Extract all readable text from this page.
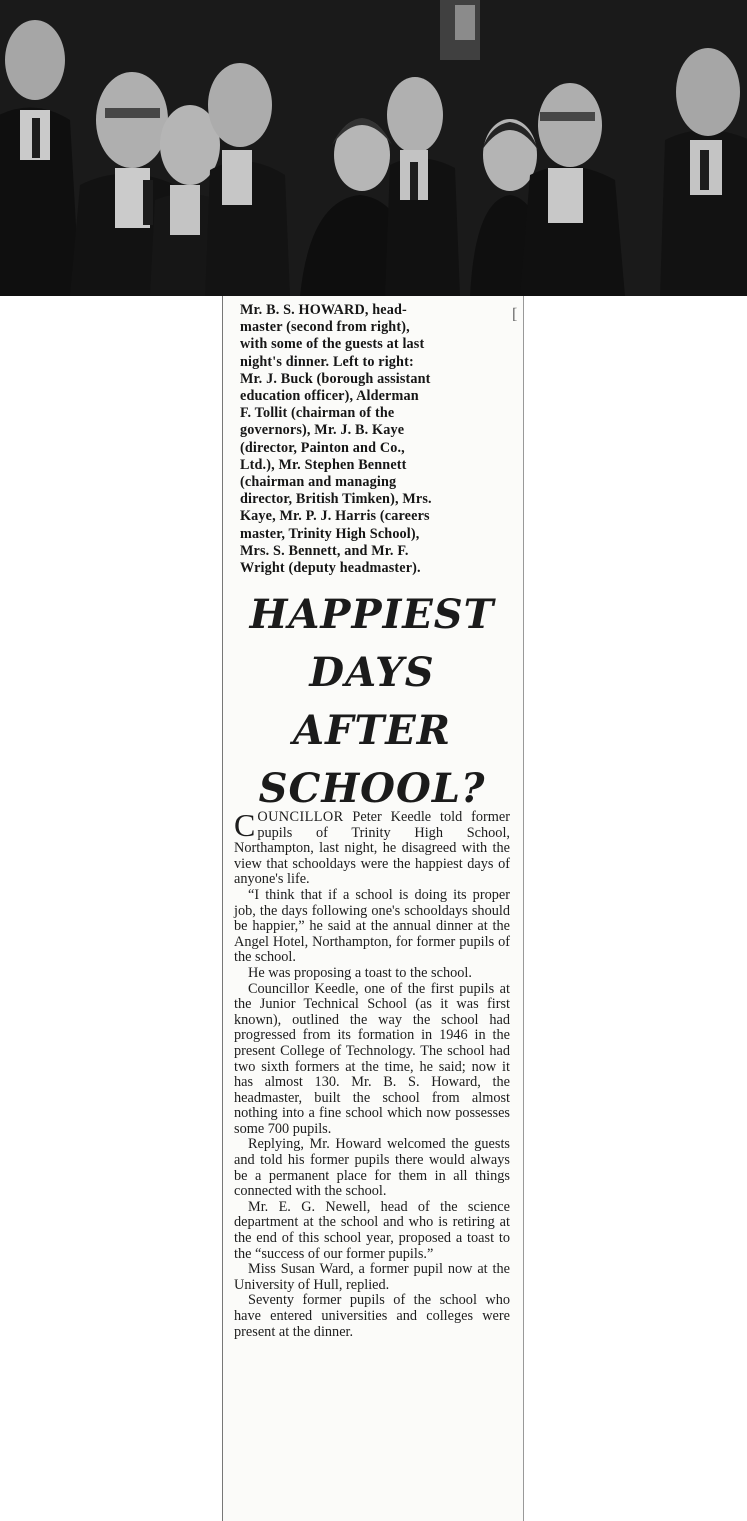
[
Mr. B. S. HOWARD, head-
master (second from right),
with some of the guests at last
night's dinner. Left to right:
Mr. J. Buck (borough assistant
education officer), Alderman
F. Tollit (chairman of the
governors), Mr. J. B. Kaye
(director, Painton and Co.,
Ltd.), Mr. Stephen Bennett
(chairman and managing
director, British Timken), Mrs.
Kaye, Mr. P. J. Harris (careers
master, Trinity High School),
Mrs. S. Bennett, and Mr. F.
Wright (deputy headmaster).
HAPPIEST
DAYS
AFTER
SCHOOL?

COUNCILLOR Peter Keedle told former pupils of Trinity High School, Northampton, last night, he disagreed with the view that schooldays were the happiest days of anyone's life.

“I think that if a school is doing its proper job, the days following one's schooldays should be happier,” he said at the annual dinner at the Angel Hotel, Northampton, for former pupils of the school.

He was proposing a toast to the school.

Councillor Keedle, one of the first pupils at the Junior Technical School (as it was first known), outlined the way the school had progressed from its formation in 1946 in the present College of Technology. The school had two sixth formers at the time, he said; now it has almost 130. Mr. B. S. Howard, the headmaster, built the school from almost nothing into a fine school which now possesses some 700 pupils.

Replying, Mr. Howard welcomed the guests and told his former pupils there would always be a permanent place for them in all things connected with the school.

Mr. E. G. Newell, head of the science department at the school and who is retiring at the end of this school year, proposed a toast to the “success of our former pupils.”

Miss Susan Ward, a former pupil now at the University of Hull, replied.

Seventy former pupils of the school who have entered universities and colleges were present at the dinner.
